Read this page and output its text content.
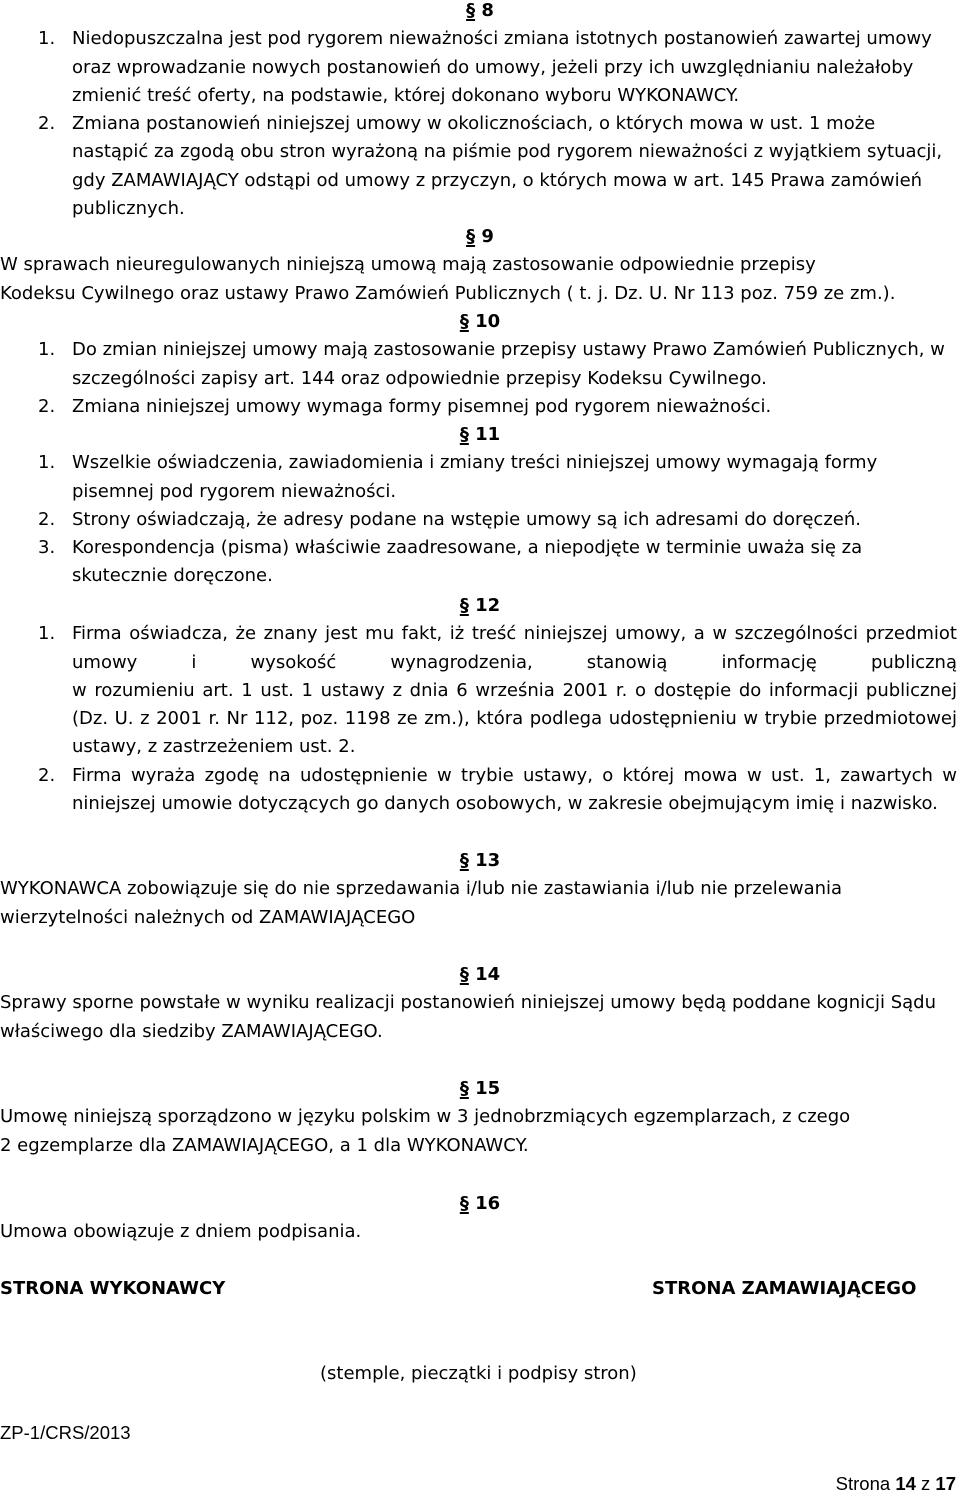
§ 8
1. Niedopuszczalna jest pod rygorem nieważności zmiana istotnych postanowień zawartej umowy
oraz wprowadzanie nowych postanowień do umowy, jeżeli przy ich uwzględnianiu należałoby
zmienić treść oferty, na podstawie, której dokonano wyboru WYKONAWCY.
2. Zmiana postanowień niniejszej umowy w okolicznościach, o których mowa w ust. 1 może
nastąpić za zgodą obu stron wyrażoną na piśmie pod rygorem nieważności z wyjątkiem sytuacji,
gdy ZAMAWIAJĄCY odstąpi od umowy z przyczyn, o których mowa w art. 145 Prawa zamówień
publicznych.
§ 9
W sprawach nieuregulowanych niniejszą umową mają zastosowanie odpowiednie przepisy
Kodeksu Cywilnego oraz ustawy Prawo Zamówień Publicznych ( t. j. Dz. U. Nr 113 poz. 759 ze zm.).
§ 10
1. Do zmian niniejszej umowy mają zastosowanie przepisy ustawy Prawo Zamówień Publicznych, w
szczególności zapisy art. 144 oraz odpowiednie przepisy Kodeksu Cywilnego.
2. Zmiana niniejszej umowy wymaga formy pisemnej pod rygorem nieważności.
§ 11
1. Wszelkie oświadczenia, zawiadomienia i zmiany treści niniejszej umowy wymagają formy
pisemnej pod rygorem nieważności.
2. Strony oświadczają, że adresy podane na wstępie umowy są ich adresami do doręczeń.
3. Korespondencja (pisma) właściwie zaadresowane, a niepodjęte w terminie uważa się za
skutecznie doręczone.
§ 12
1. Firma oświadcza, że znany jest mu fakt, iż treść niniejszej umowy, a w szczególności przedmiot
umowy i wysokość wynagrodzenia, stanowią informację publiczną
w rozumieniu art. 1 ust. 1 ustawy z dnia 6 września 2001 r. o dostępie do informacji publicznej
(Dz. U. z 2001 r. Nr 112, poz. 1198 ze zm.), która podlega udostępnieniu w trybie przedmiotowej
ustawy, z zastrzeżeniem ust. 2.
2. Firma wyraża zgodę na udostępnienie w trybie ustawy, o której mowa w ust. 1, zawartych w
niniejszej umowie dotyczących go danych osobowych, w zakresie obejmującym imię i nazwisko.
§ 13
WYKONAWCA zobowiązuje się do nie sprzedawania i/lub nie zastawiania i/lub nie przelewania
wierzytelności należnych od ZAMAWIAJĄCEGO
§ 14
Sprawy sporne powstałe w wyniku realizacji postanowień niniejszej umowy będą poddane kognicji Sądu
właściwego dla siedziby ZAMAWIAJĄCEGO.
§ 15
Umowę niniejszą sporządzono w języku polskim w 3 jednobrzmiących egzemplarzach, z czego
2 egzemplarze dla ZAMAWIAJĄCEGO, a 1 dla WYKONAWCY.
§ 16
Umowa obowiązuje z dniem podpisania.
STRONA WYKONAWCY	STRONA ZAMAWIAJĄCEGO
(stemple, pieczątki i podpisy stron)
ZP-1/CRS/2013
Strona 14 z 17
